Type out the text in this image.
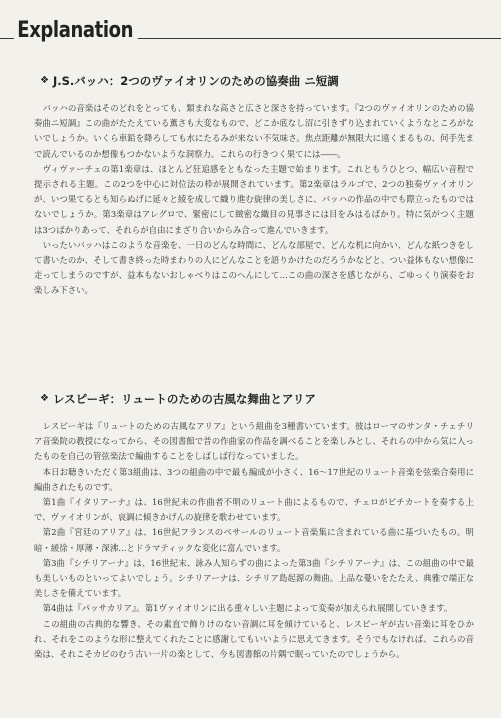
Explanation
❖ J.S.バッハ：2つのヴァイオリンのための協奏曲 ニ短調

バッハの音楽はそのどれをとっても、類まれな高さと広さと深さを持っています。『2つのヴァイオリンのための協奏曲ニ短調』この曲がたたえている薫さも大変なもので、どこか底なし沼に引きずり込まれていくようなところがないでしょうか。いくら車鉛を降ろしても水にたるみが来ない不気味さ。焦点距離が無限大に遠くまるもの、何手先まで読んでいるのか想像もつかないような洞察力。これらの行きつく果てには――。

ヴィヴァーチェの第1楽章は、ほとんど狂追感をともなった主題で始まります。これともうひとつ、幅広い音程で提示される主題。この2つを中心に対位法の枠が展開されています。第2楽章はラルゴで、2つの独奏ヴァイオリンが、いつ果てるとも知らぬげに延々と綾を成して織り進む旋律の美しさに、バッハの作品の中でも際立ったものではないでしょうか。第3楽章はアレグロで、緊密にして緻密な織目の見事さには目をみはるばかり。特に気がつく主題は3つばかりあって、それらが自由にまざり合いからみ合って進んでいきます。

いったいバッハはこのような音楽を、一日のどんな時間に、どんな部屋で、どんな机に向かい、どんな紙つきをして書いたのか、そして書き終った時まわりの人にどんなことを語りかけたのだろうかなどと、つい益体もない想像に走ってしまうのですが、益本もないおしゃべりはこのへんにして…この曲の深さを感じながら、ごゆっくり演奏をお楽しみ下さい。

❖ レスピーギ：リュートのための古風な舞曲とアリア

レスピーギは『リュートのための古風なアリア』という組曲を3種書いています。彼はローマのサンタ・チェチリア音楽院の教授になってから、その図書館で昔の作曲家の作品を調べることを楽しみとし、それらの中から気に入ったものを自己の管弦楽法で編曲することをしばしば行なっていました。

本日お聴きいただく第3組曲は、3つの組曲の中で最も編成が小さく、16〜17世紀のリュート音楽を弦楽合奏用に編曲されたものです。

第1曲『イタリアーナ』は、16世紀末の作曲者不明のリュート曲によるもので、チェロがピチカートを奏する上で、ヴァイオリンが、哀調に傾きかげんの旋律を歌わせています。

第2曲『宮廷のアリア』は、16世紀フランスのベサールのリュート音楽集に含まれている曲に基づいたもの。明暗・緩徐・厚薄・深沸…とドラマティックな変化に富んでいます。

第3曲『シチリアーナ』は、16世紀末、詠み人知らずの曲によった第3曲『シチリアーナ』は、この組曲の中で最も美しいものといってよいでしょう。シチリアーナは、シチリア島起源の舞曲。上品な憂いをたたえ、典雅で端正な美しさを備えています。

第4曲は『パッサカリア』。第1ヴァイオリンに出る重々しい主題によって変奏が加えられ展開していきます。

この組曲の古典的な響き、その素直で飾りけのない音調に耳を傾けていると、レスピーギが古い音楽に耳をひかれ、それをこのような形に整えてくれたことに感謝してもいいように思えてきます。そうでもなければ、これらの音楽は、それこそカビのむう古い一片の楽として、今も図書館の片隅で眠っていたのでしょうから。
